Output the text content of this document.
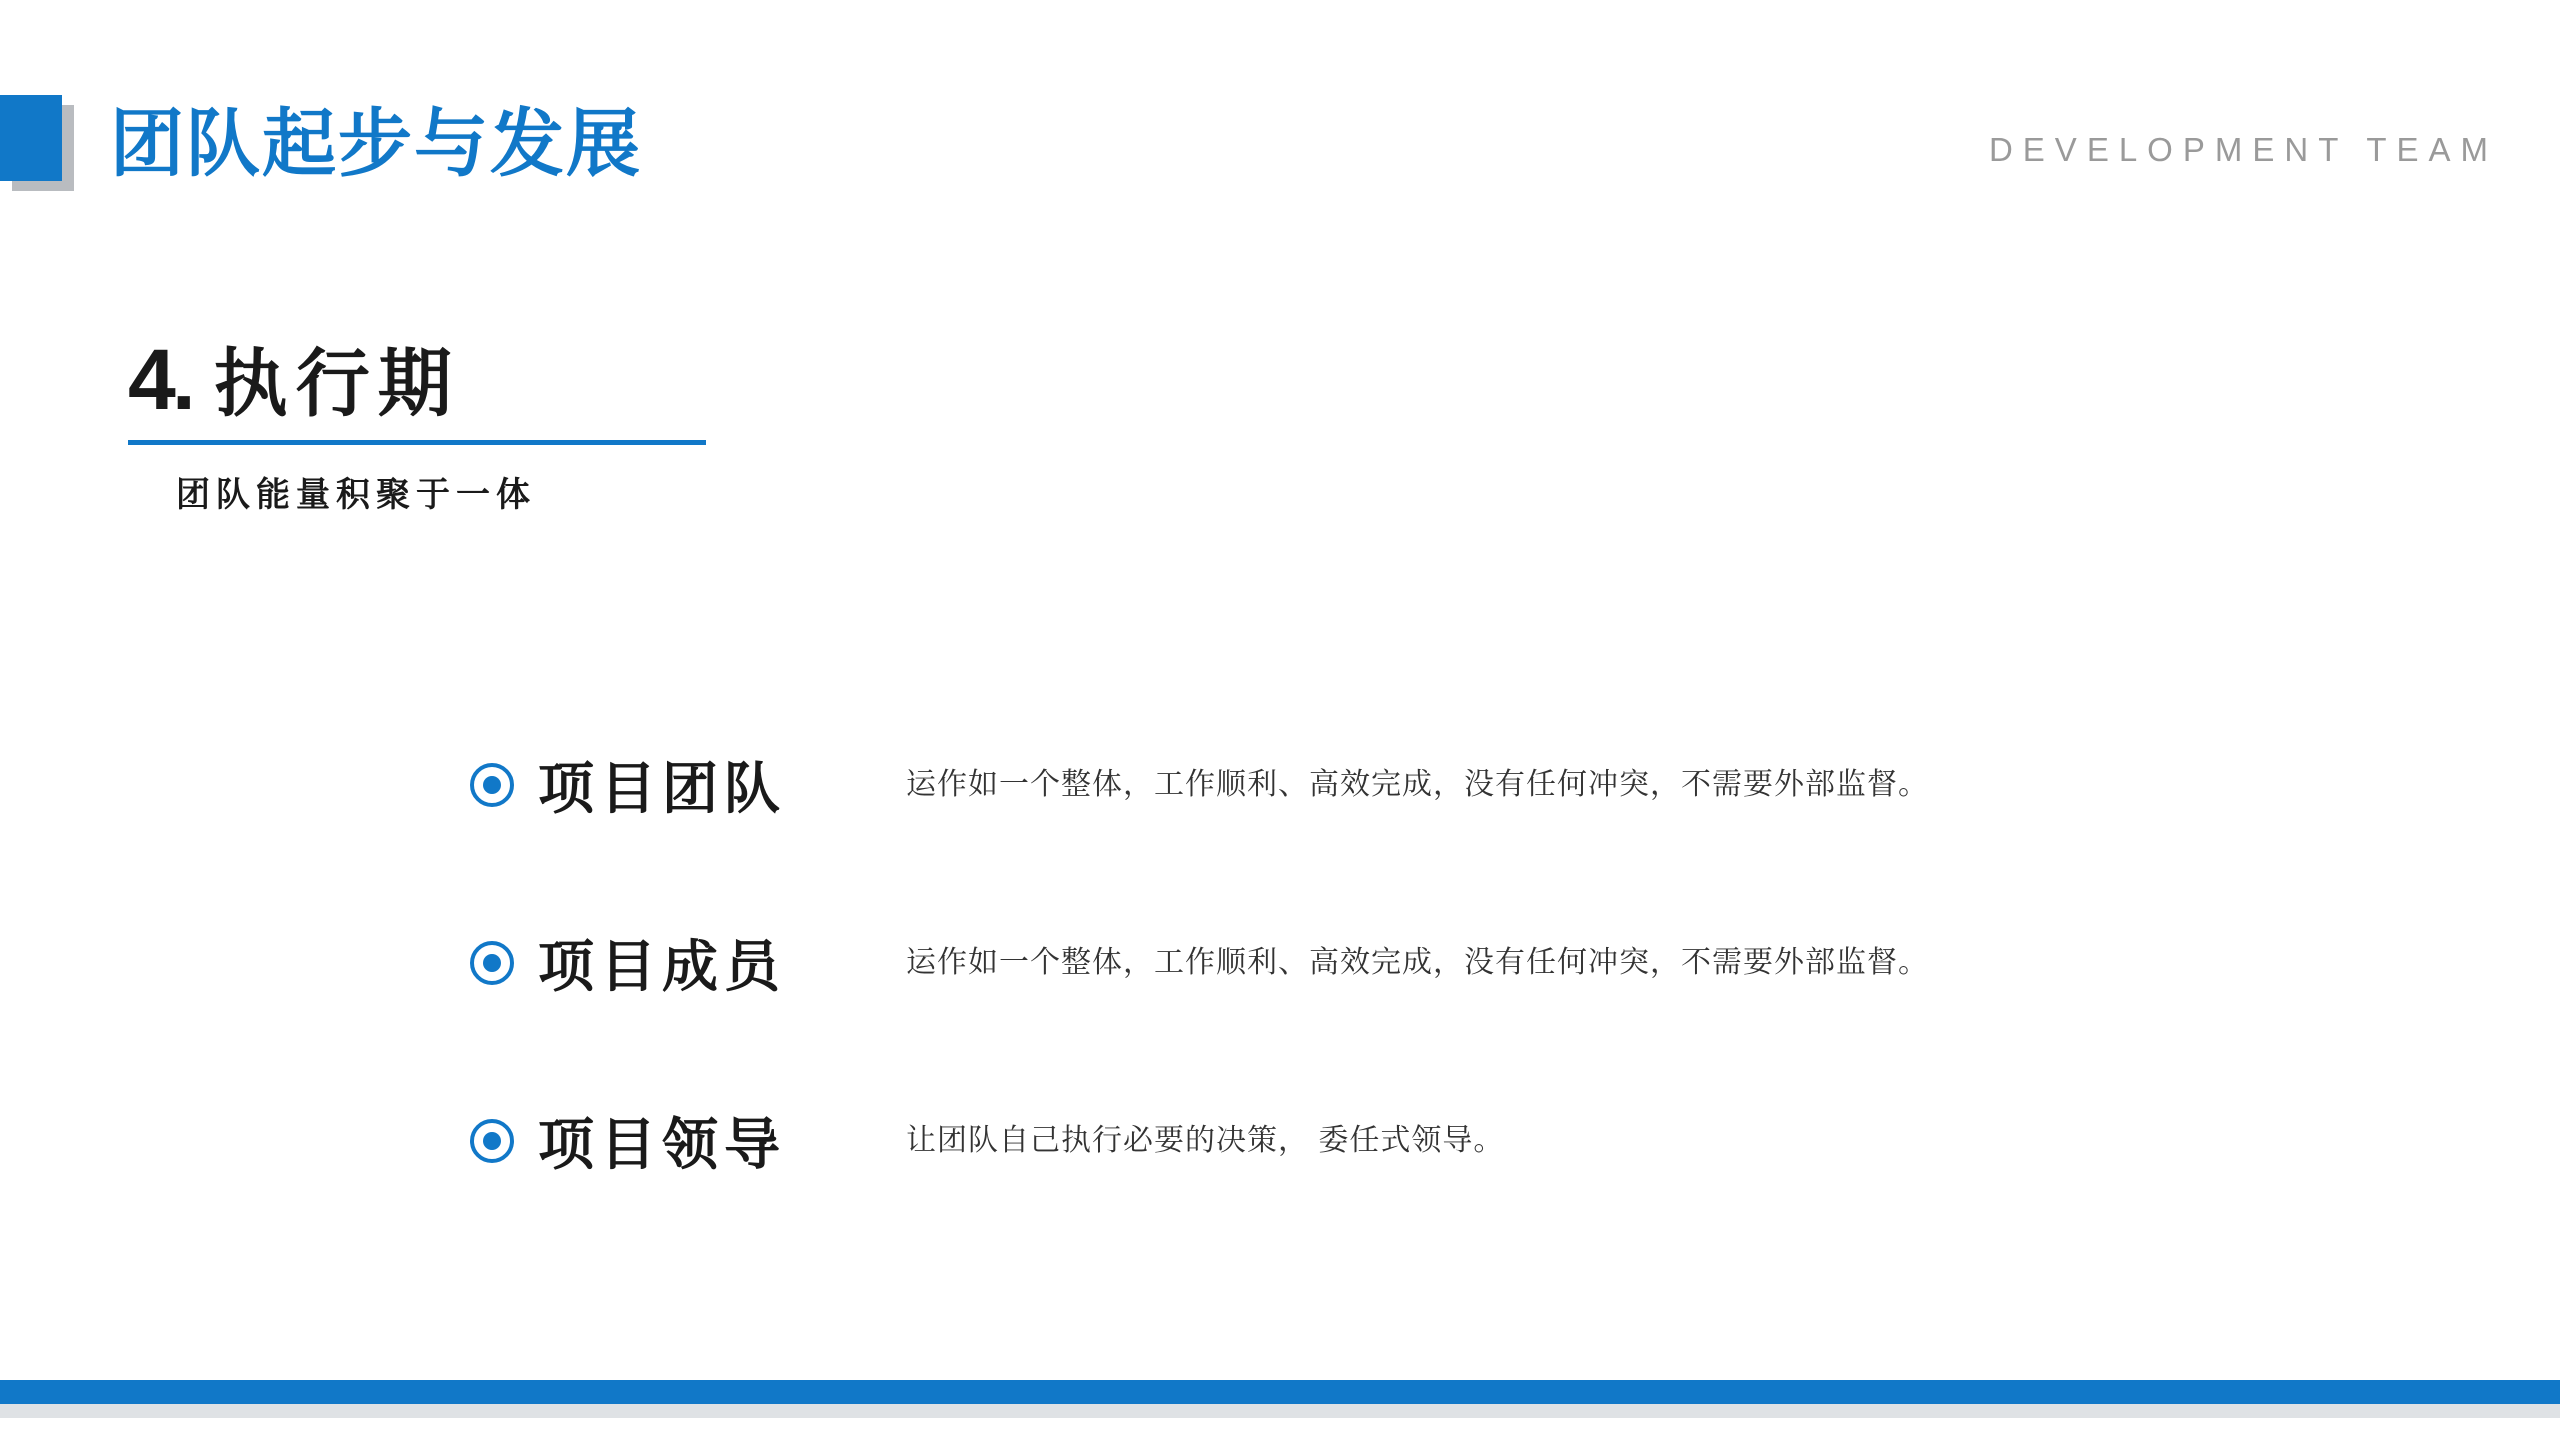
团队起步与发展	DEVELOPMENT TEAM
4. 执行期
团队能量积聚于一体
项目团队	运作如一个整体，工作顺利、高效完成，没有任何冲突，不需要外部监督。
项目成员	运作如一个整体，工作顺利、高效完成，没有任何冲突，不需要外部监督。
项目领导	让团队自己执行必要的决策， 委任式领导。
